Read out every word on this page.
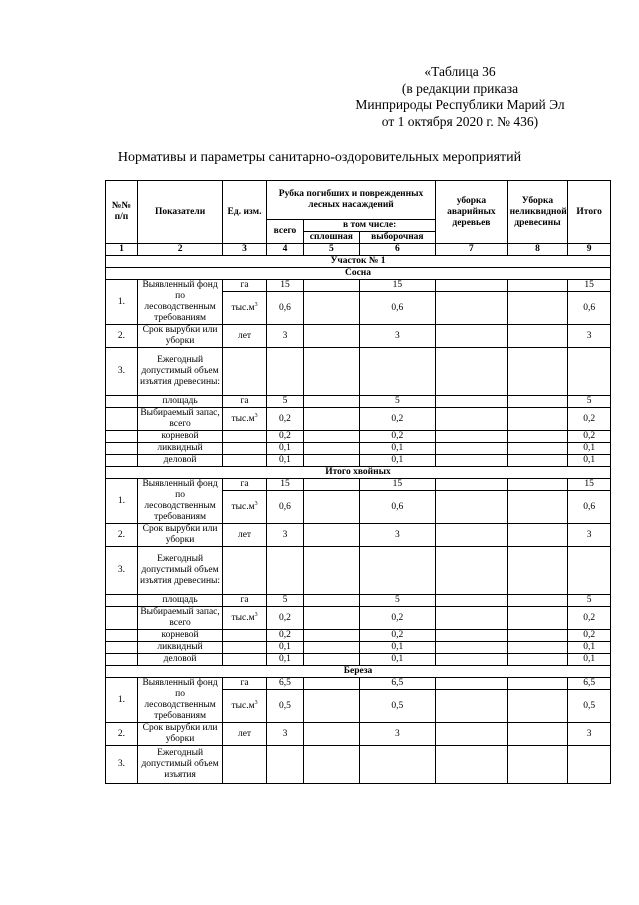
«Таблица 36
(в редакции приказа
Минприроды Республики Марий Эл
от 1 октября 2020 г. № 436)
Нормативы и параметры санитарно-оздоровительных мероприятий
№№ п/п	Показатели	Ед. изм.	Рубка погибших и поврежденных лесных насаждений			уборка аварийных деревьев	Уборка неликвидной древесины	Итого
			всего	в том числе:				
				сплошная	выборочная			
1	2	3	4	5	6	7	8	9
Участок № 1								
Сосна								
1.	Выявленный фонд по лесоводственным требованиям	га	15		15			15
		$тыс.м^3$	0,6		0,6			0,6
2.	Срок вырубки или уборки	лет	3		3			3
3.	Ежегодный допустимый объем изъятия древесины:							
	площадь	га	5		5			5
	Выбираемый запас, всего	$тыс.м^3$	0,2		0,2			0,2
	корневой		0,2		0,2			0,2
	ликвидный		0,1		0,1			0,1
	деловой		0,1		0,1			0,1
Итого хвойных								
1.	Выявленный фонд по лесоводственным требованиям	га	15		15			15
		$тыс.м^3$	0,6		0,6			0,6
2.	Срок вырубки или уборки	лет	3		3			3
3.	Ежегодный допустимый объем изъятия древесины:							
	площадь	га	5		5			5
	Выбираемый запас, всего	$тыс.м^3$	0,2		0,2			0,2
	корневой		0,2		0,2			0,2
	ликвидный		0,1		0,1			0,1
	деловой		0,1		0,1			0,1
Береза								
1.	Выявленный фонд по лесоводственным требованиям	га	6,5		6,5			6,5
		$тыс.м^3$	0,5		0,5			0,5
2.	Срок вырубки или уборки	лет	3		3			3
3.	Ежегодный допустимый объем изъятия							
